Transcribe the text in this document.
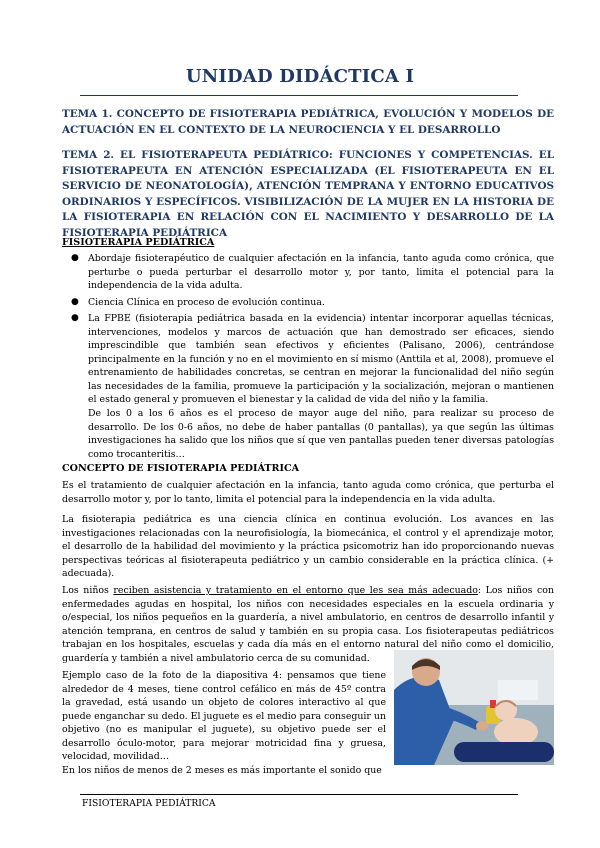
UNIDAD DIDÁCTICA I

TEMA 1. CONCEPTO DE FISIOTERAPIA PEDIÁTRICA, EVOLUCIÓN Y MODELOS DE ACTUACIÓN EN EL CONTEXTO DE LA NEUROCIENCIA Y EL DESARROLLO

TEMA 2. EL FISIOTERAPEUTA PEDIÁTRICO: FUNCIONES Y COMPETENCIAS. EL FISIOTERAPEUTA EN ATENCIÓN ESPECIALIZADA (EL FISIOTERAPEUTA EN EL SERVICIO DE NEONATOLOGÍA), ATENCIÓN TEMPRANA Y ENTORNO EDUCATIVOS ORDINARIOS Y ESPECÍFICOS. VISIBILIZACIÓN DE LA MUJER EN LA HISTORIA DE LA FISIOTERAPIA EN RELACIÓN CON EL NACIMIENTO Y DESARROLLO DE LA FISIOTERAPIA PEDIÁTRICA

FISIOTERAPIA PEDIÁTRICA

● Abordaje fisioterapéutico de cualquier afectación en la infancia, tanto aguda como crónica, que perturbe o pueda perturbar el desarrollo motor y, por tanto, limita el potencial para la independencia de la vida adulta.
● Ciencia Clínica en proceso de evolución continua.
● La FPBE (fisioterapia pediátrica basada en la evidencia) intentar incorporar aquellas técnicas, intervenciones, modelos y marcos de actuación que han demostrado ser eficaces, siendo imprescindible que también sean efectivos y eficientes (Palisano, 2006), centrándose principalmente en la función y no en el movimiento en sí mismo (Anttila et al, 2008), promueve el entrenamiento de habilidades concretas, se centran en mejorar la funcionalidad del niño según las necesidades de la familia, promueve la participación y la socialización, mejoran o mantienen el estado general y promueven el bienestar y la calidad de vida del niño y la familia.

De los 0 a los 6 años es el proceso de mayor auge del niño, para realizar su proceso de desarrollo. De los 0-6 años, no debe de haber pantallas (0 pantallas), ya que según las últimas investigaciones ha salido que los niños que sí que ven pantallas pueden tener diversas patologías como trocanteritis…

CONCEPTO DE FISIOTERAPIA PEDIÁTRICA

Es el tratamiento de cualquier afectación en la infancia, tanto aguda como crónica, que perturba el desarrollo motor y, por lo tanto, limita el potencial para la independencia en la vida adulta.

La fisioterapia pediátrica es una ciencia clínica en continua evolución. Los avances en las investigaciones relacionadas con la neurofisiología, la biomecánica, el control y el aprendizaje motor, el desarrollo de la habilidad del movimiento y la práctica psicomotriz han ido proporcionando nuevas perspectivas teóricas al fisioterapeuta pediátrico y un cambio considerable en la práctica clínica. (+ adecuada).

Los niños reciben asistencia y tratamiento en el entorno que les sea más adecuado: Los niños con enfermedades agudas en hospital, los niños con necesidades especiales en la escuela ordinaria y o/especial, los niños pequeños en la guardería, a nivel ambulatorio, en centros de desarrollo infantil y atención temprana, en centros de salud y también en su propia casa. Los fisioterapeutas pediátricos trabajan en los hospitales, escuelas y cada día más en el entorno natural del niño como el domicilio, guardería y también a nivel ambulatorio cerca de su comunidad.

Ejemplo caso de la foto de la diapositiva 4: pensamos que tiene alrededor de 4 meses, tiene control cefálico en más de 45º contra la gravedad, está usando un objeto de colores interactivo al que puede enganchar su dedo. El juguete es el medio para conseguir un objetivo (no es manipular el juguete), su objetivo puede ser el desarrollo óculo-motor, para mejorar motricidad fina y gruesa, velocidad, movilidad…

En los niños de menos de 2 meses es más importante el sonido que

FISIOTERAPIA PEDIÁTRICA
